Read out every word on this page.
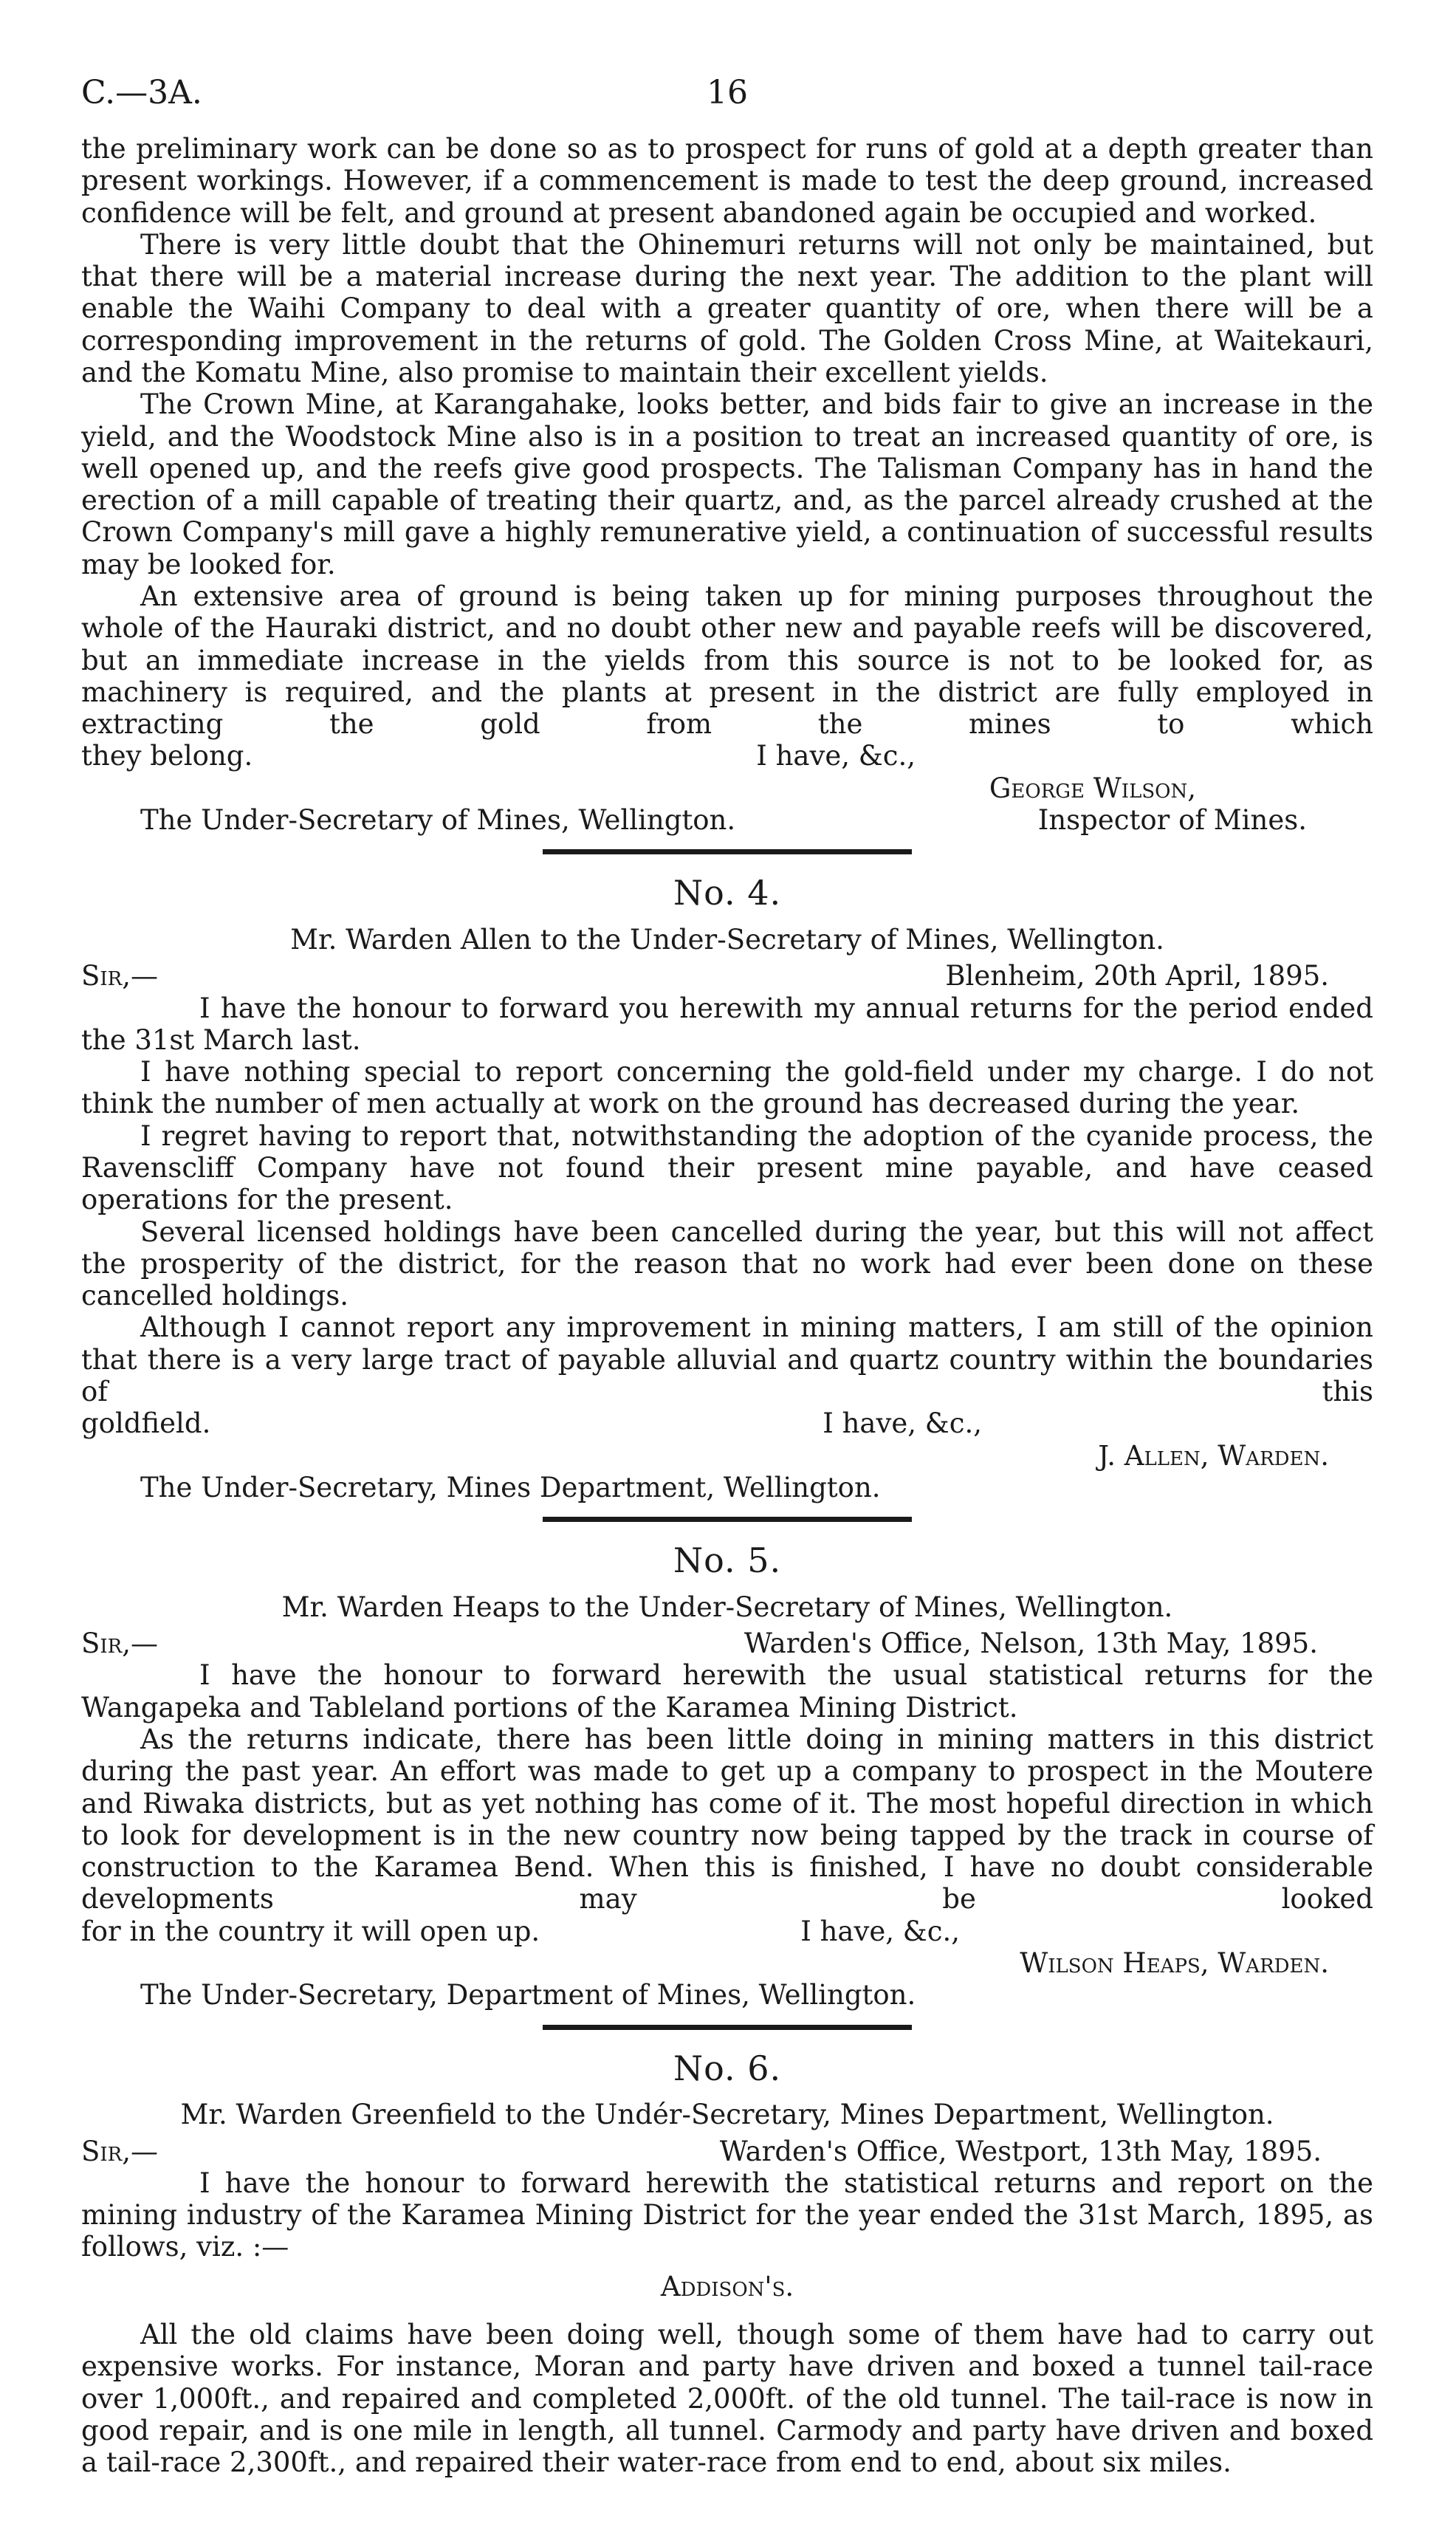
C.—3A.	16

the preliminary work can be done so as to prospect for runs of gold at a depth greater than present workings. However, if a commencement is made to test the deep ground, increased confidence will be felt, and ground at present abandoned again be occupied and worked.

There is very little doubt that the Ohinemuri returns will not only be maintained, but that there will be a material increase during the next year. The addition to the plant will enable the Waihi Company to deal with a greater quantity of ore, when there will be a corresponding improvement in the returns of gold. The Golden Cross Mine, at Waitekauri, and the Komatu Mine, also promise to maintain their excellent yields.

The Crown Mine, at Karangahake, looks better, and bids fair to give an increase in the yield, and the Woodstock Mine also is in a position to treat an increased quantity of ore, is well opened up, and the reefs give good prospects. The Talisman Company has in hand the erection of a mill capable of treating their quartz, and, as the parcel already crushed at the Crown Company's mill gave a highly remunerative yield, a continuation of successful results may be looked for.

An extensive area of ground is being taken up for mining purposes throughout the whole of the Hauraki district, and no doubt other new and payable reefs will be discovered, but an immediate increase in the yields from this source is not to be looked for, as machinery is required, and the plants at present in the district are fully employed in extracting the gold from the mines to which

they belong.	I have, &c.,
George Wilson,
The Under-Secretary of Mines, Wellington.	Inspector of Mines.
No. 4.
Mr. Warden Allen to the Under-Secretary of Mines, Wellington.
Sir,—	Blenheim, 20th April, 1895.

I have the honour to forward you herewith my annual returns for the period ended the 31st March last.

I have nothing special to report concerning the gold-field under my charge. I do not think the number of men actually at work on the ground has decreased during the year.

I regret having to report that, notwithstanding the adoption of the cyanide process, the Ravenscliff Company have not found their present mine payable, and have ceased operations for the present.

Several licensed holdings have been cancelled during the year, but this will not affect the prosperity of the district, for the reason that no work had ever been done on these cancelled holdings.

Although I cannot report any improvement in mining matters, I am still of the opinion that there is a very large tract of payable alluvial and quartz country within the boundaries of this

goldfield.	I have, &c.,
J. Allen, Warden.
The Under-Secretary, Mines Department, Wellington.
No. 5.
Mr. Warden Heaps to the Under-Secretary of Mines, Wellington.
Sir,—	Warden's Office, Nelson, 13th May, 1895.

I have the honour to forward herewith the usual statistical returns for the Wangapeka and Tableland portions of the Karamea Mining District.

As the returns indicate, there has been little doing in mining matters in this district during the past year. An effort was made to get up a company to prospect in the Moutere and Riwaka districts, but as yet nothing has come of it. The most hopeful direction in which to look for development is in the new country now being tapped by the track in course of construction to the Karamea Bend. When this is finished, I have no doubt considerable developments may be looked

for in the country it will open up.	I have, &c.,
Wilson Heaps, Warden.
The Under-Secretary, Department of Mines, Wellington.
No. 6.
Mr. Warden Greenfield to the Undér-Secretary, Mines Department, Wellington.
Sir,—	Warden's Office, Westport, 13th May, 1895.

I have the honour to forward herewith the statistical returns and report on the mining industry of the Karamea Mining District for the year ended the 31st March, 1895, as follows, viz. :—

Addison's.

All the old claims have been doing well, though some of them have had to carry out expensive works. For instance, Moran and party have driven and boxed a tunnel tail-race over 1,000ft., and repaired and completed 2,000ft. of the old tunnel. The tail-race is now in good repair, and is one mile in length, all tunnel. Carmody and party have driven and boxed a tail-race 2,300ft., and repaired their water-race from end to end, about six miles.
